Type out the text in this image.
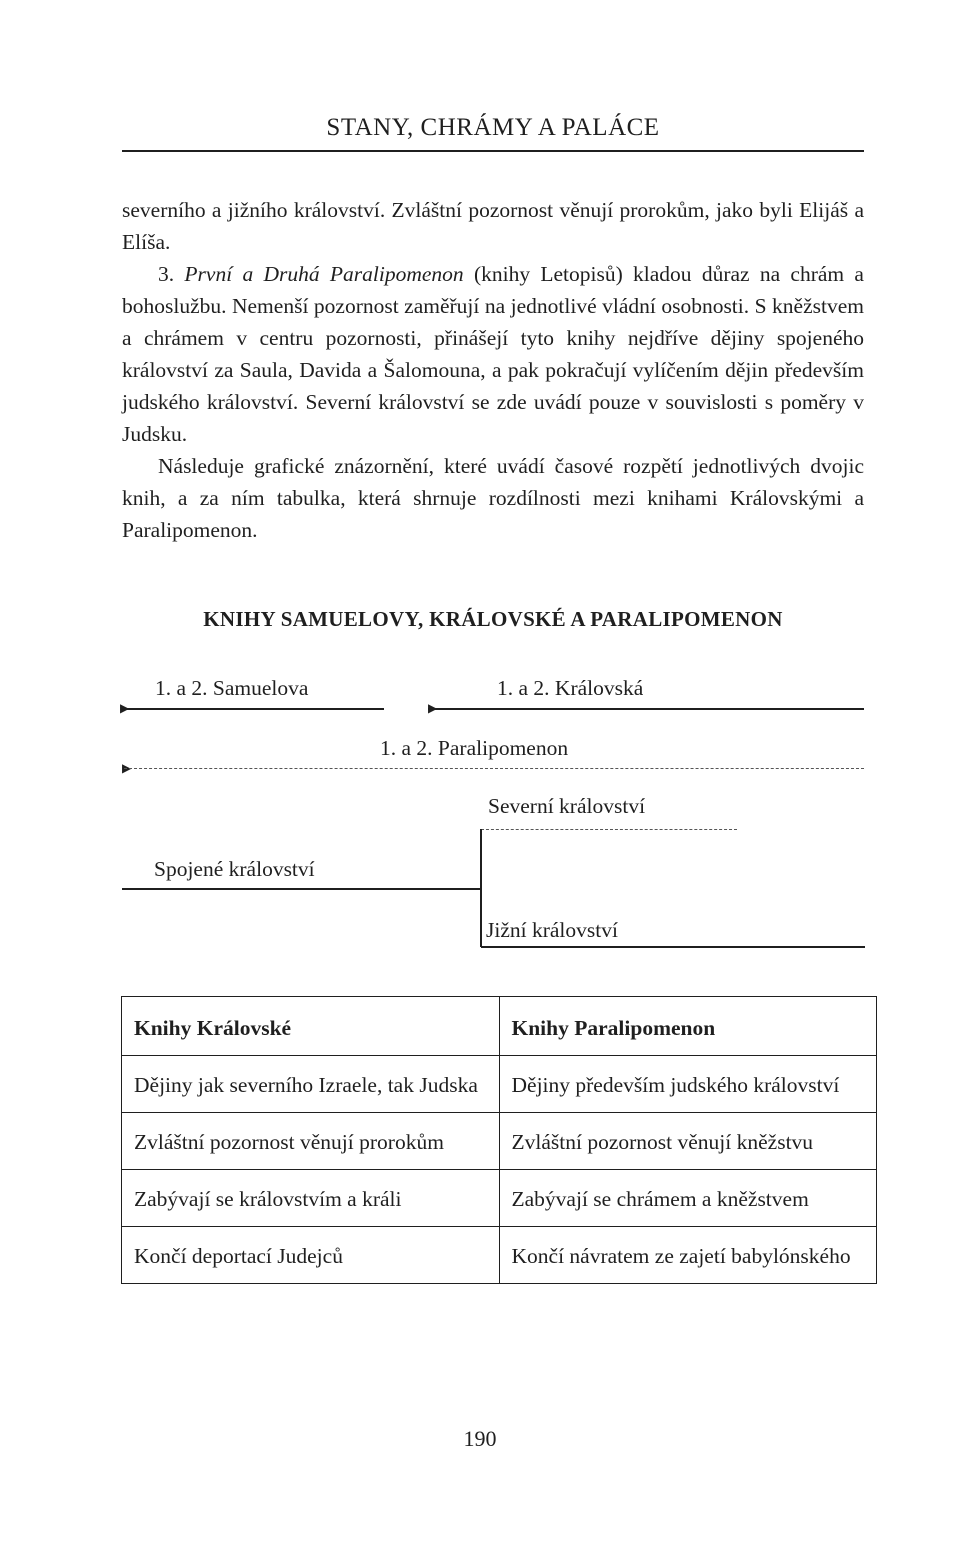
STANY, CHRÁMY A PALÁCE

severního a jižního království. Zvláštní pozornost věnují prorokům, jako byli Elijáš a Elíša.

3. První a Druhá Paralipomenon (knihy Letopisů) kladou důraz na chrám a bohoslužbu. Nemenší pozornost zaměřují na jednotlivé vládní osobnosti. S kněžstvem a chrámem v centru pozornosti, přinášejí tyto knihy nejdříve dějiny spojeného království za Saula, Davida a Šalomouna, a pak pokračují vylíčením dějin především judského království. Severní království se zde uvádí pouze v souvislosti s poměry v Judsku.

Následuje grafické znázornění, které uvádí časové rozpětí jednotlivých dvojic knih, a za ním tabulka, která shrnuje rozdílnosti mezi knihami Královskými a Paralipomenon.

KNIHY SAMUELOVY, KRÁLOVSKÉ A PARALIPOMENON
1. a 2. Samuelova
▶
1. a 2. Královská
▶
1. a 2. Paralipomenon
▶
Severní království
Spojené království
Jižní království
Knihy Královské	Knihy Paralipomenon
Dějiny jak severního Izraele, tak Judska	Dějiny především judského království
Zvláštní pozornost věnují prorokům	Zvláštní pozornost věnují kněžstvu
Zabývají se královstvím a králi	Zabývají se chrámem a kněžstvem
Končí deportací Judejců	Končí návratem ze zajetí babylónského
190
